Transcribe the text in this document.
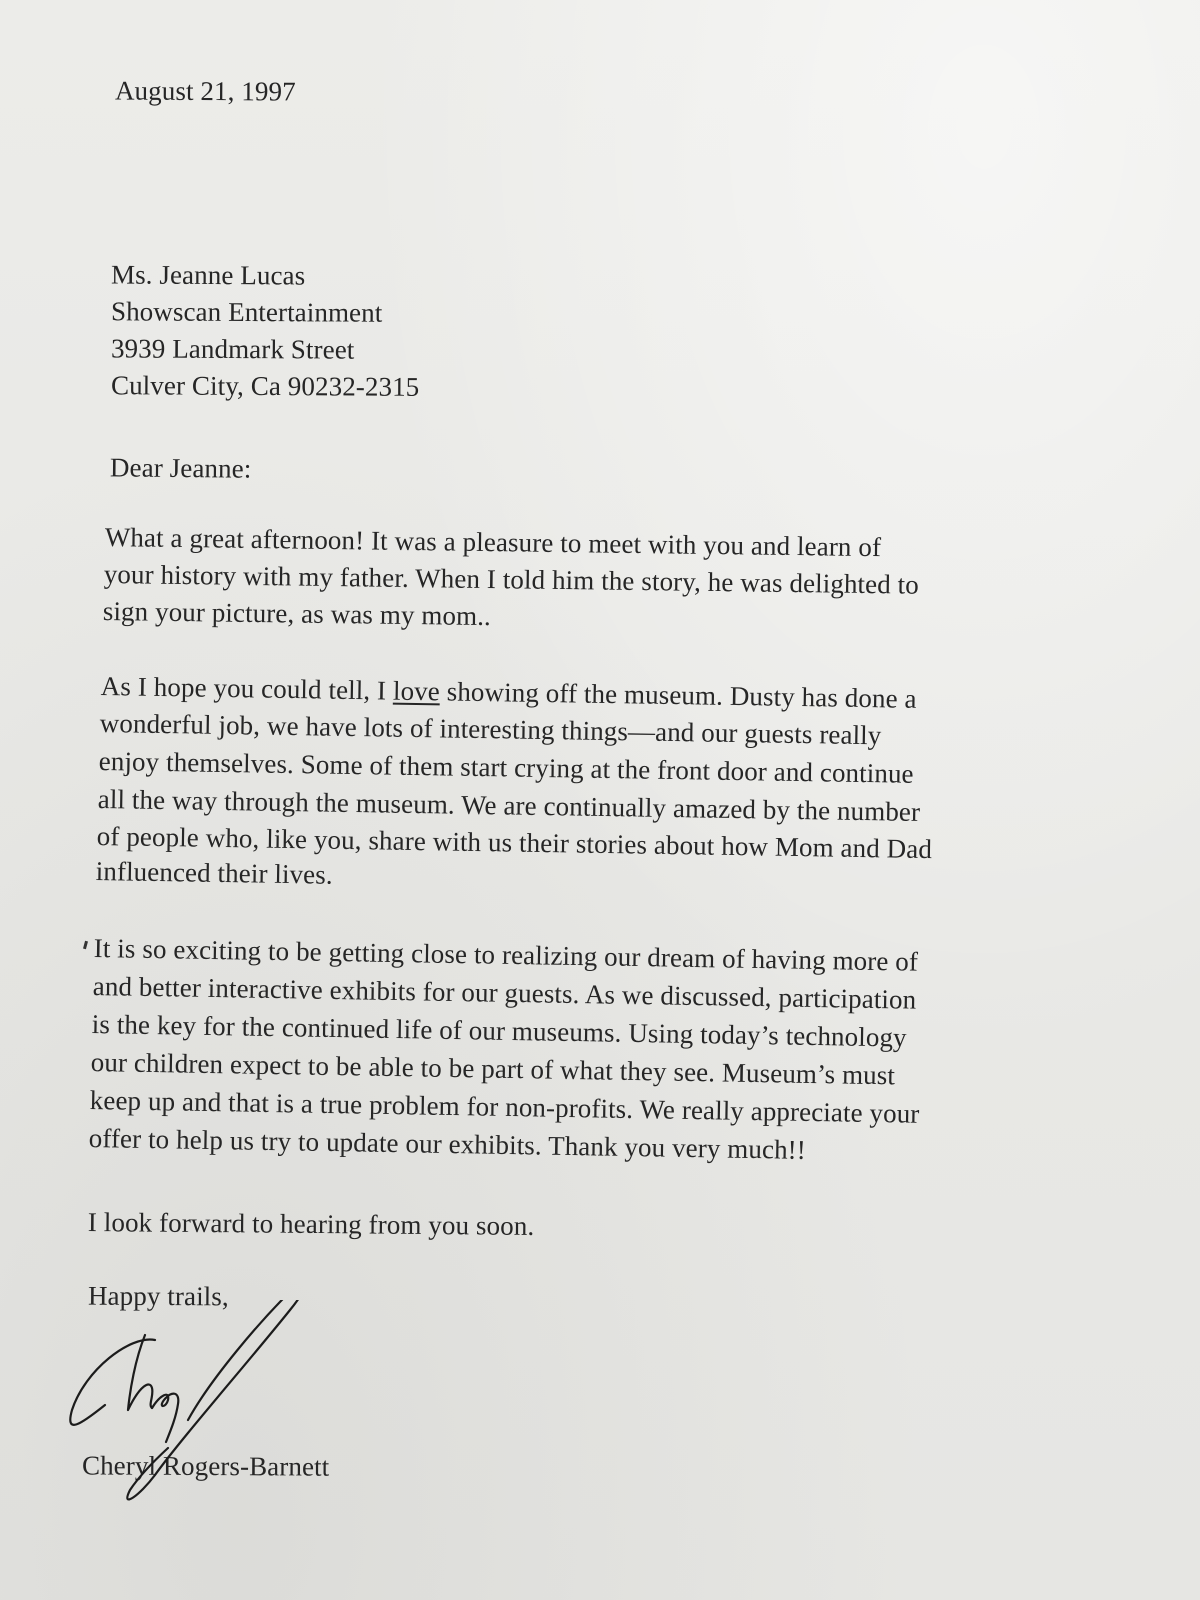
August 21, 1997
Ms. Jeanne Lucas
Showscan Entertainment
3939 Landmark Street
Culver City, Ca 90232-2315
Dear Jeanne:
What a great afternoon! It was a pleasure to meet with you and learn of
your history with my father. When I told him the story, he was delighted to
sign your picture, as was my mom..
As I hope you could tell, I love showing off the museum. Dusty has done a
wonderful job, we have lots of interesting things—and our guests really
enjoy themselves. Some of them start crying at the front door and continue
all the way through the museum. We are continually amazed by the number
of people who, like you, share with us their stories about how Mom and Dad
influenced their lives.
It is so exciting to be getting close to realizing our dream of having more of
and better interactive exhibits for our guests. As we discussed, participation
is the key for the continued life of our museums. Using today’s technology
our children expect to be able to be part of what they see. Museum’s must
keep up and that is a true problem for non-profits. We really appreciate your
offer to help us try to update our exhibits. Thank you very much!!
I look forward to hearing from you soon.
Happy trails,
Cheryl Rogers-Barnett
